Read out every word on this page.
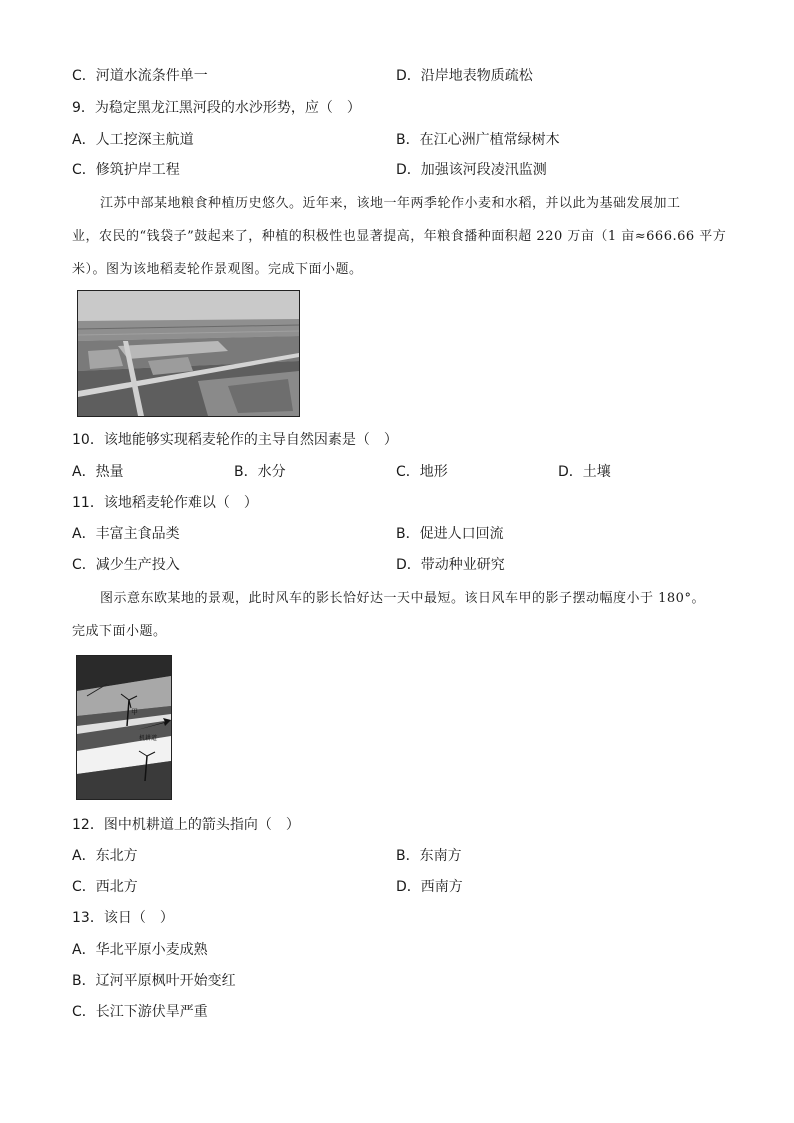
C．河道水流条件单一	D．沿岸地表物质疏松
9．为稳定黑龙江黑河段的水沙形势，应（　）
A．人工挖深主航道	B．在江心洲广植常绿树木
C．修筑护岸工程	D．加强该河段凌汛监测

江苏中部某地粮食种植历史悠久。近年来，该地一年两季轮作小麦和水稻，并以此为基础发展加工

业，农民的“钱袋子”鼓起来了，种植的积极性也显著提高，年粮食播种面积超 220 万亩（1 亩≈666.66 平方

米）。图为该地稻麦轮作景观图。完成下面小题。

10．该地能够实现稻麦轮作的主导自然因素是（　）
A．热量	B．水分	C．地形	D．土壤
11．该地稻麦轮作难以（　）
A．丰富主食品类	B．促进人口回流
C．减少生产投入	D．带动种业研究

图示意东欧某地的景观，此时风车的影长恰好达一天中最短。该日风车甲的影子摆动幅度小于 180°。

完成下面小题。

甲
机耕道
12．图中机耕道上的箭头指向（　）
A．东北方	B．东南方
C．西北方	D．西南方
13．该日（　）
A．华北平原小麦成熟
B．辽河平原枫叶开始变红
C．长江下游伏旱严重
